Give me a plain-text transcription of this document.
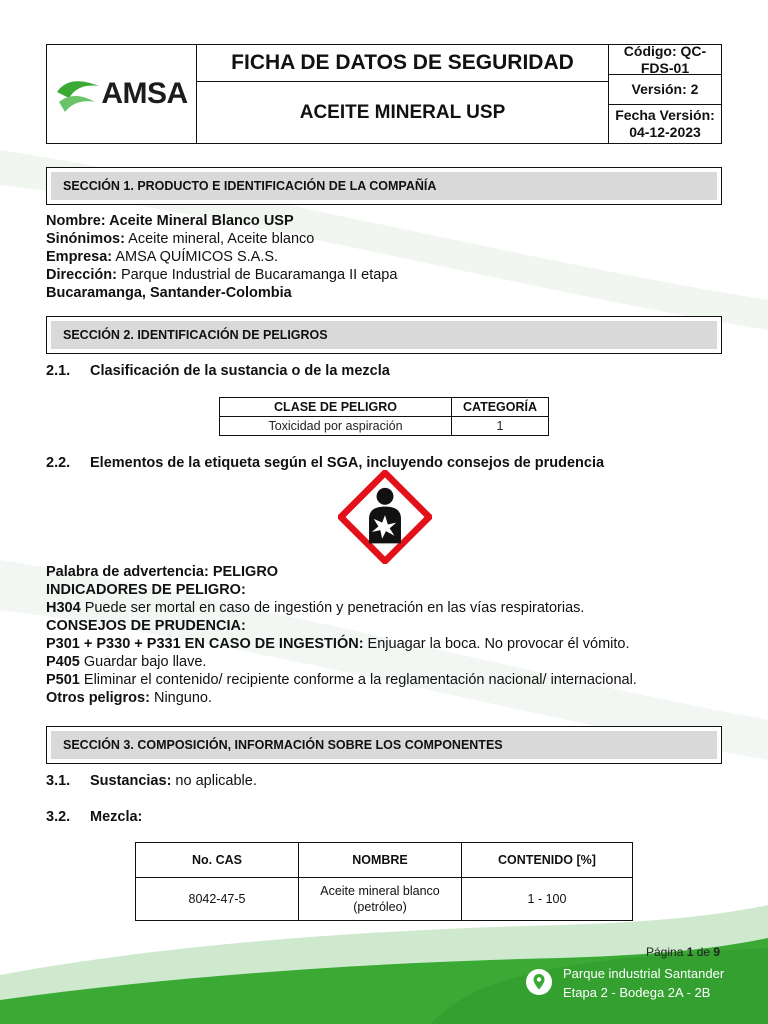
AMSA
FICHA DE DATOS DE SEGURIDAD
ACEITE MINERAL USP
Código: QC-FDS-01
Versión: 2
Fecha Versión:
04-12-2023
SECCIÓN 1. PRODUCTO E IDENTIFICACIÓN DE LA COMPAÑÍA
Nombre: Aceite Mineral Blanco USP
Sinónimos: Aceite mineral, Aceite blanco
Empresa: AMSA QUÍMICOS S.A.S.
Dirección: Parque Industrial de Bucaramanga II etapa
Bucaramanga, Santander-Colombia
SECCIÓN 2. IDENTIFICACIÓN DE PELIGROS
2.1. Clasificación de la sustancia o de la mezcla
CLASE DE PELIGRO	CATEGORÍA
Toxicidad por aspiración	1
2.2. Elementos de la etiqueta según el SGA, incluyendo consejos de prudencia
Palabra de advertencia: PELIGRO
INDICADORES DE PELIGRO:
H304 Puede ser mortal en caso de ingestión y penetración en las vías respiratorias.
CONSEJOS DE PRUDENCIA:
P301 + P330 + P331 EN CASO DE INGESTIÓN: Enjuagar la boca. No provocar él vómito.
P405 Guardar bajo llave.
P501 Eliminar el contenido/ recipiente conforme a la reglamentación nacional/ internacional.
Otros peligros: Ninguno.
SECCIÓN 3. COMPOSICIÓN, INFORMACIÓN SOBRE LOS COMPONENTES
3.1. Sustancias: no aplicable.
3.2. Mezcla:
No. CAS	NOMBRE	CONTENIDO [%]
8042-47-5	Aceite mineral blanco (petróleo)	1 - 100
Página 1 de 9
Parque industrial Santander
Etapa 2 - Bodega 2A - 2B
